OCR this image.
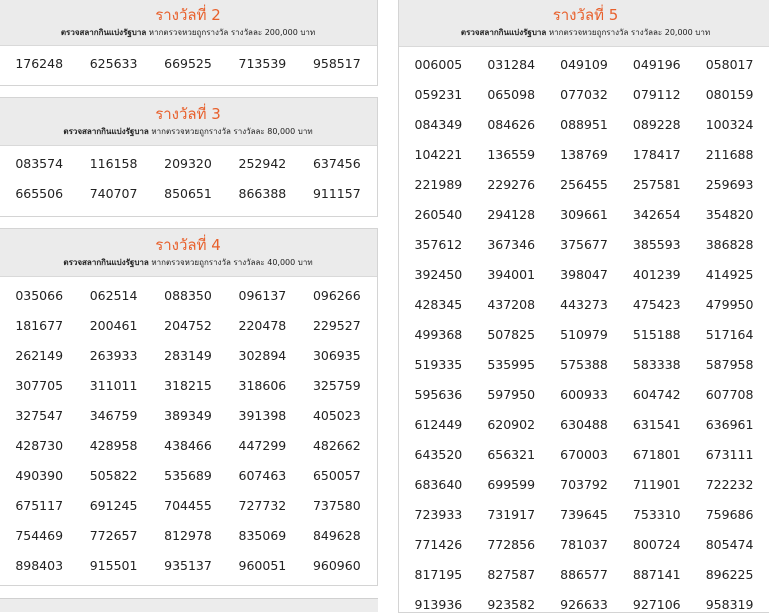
รางวัลที่ 2
ตรวจสลากกินแบ่งรัฐบาล หากตรวจหวยถูกรางวัล รางวัลละ 200,000 บาท
176248	625633	669525	713539	958517
รางวัลที่ 3
ตรวจสลากกินแบ่งรัฐบาล หากตรวจหวยถูกรางวัล รางวัลละ 80,000 บาท
083574	116158	209320	252942	637456
665506	740707	850651	866388	911157
รางวัลที่ 4
ตรวจสลากกินแบ่งรัฐบาล หากตรวจหวยถูกรางวัล รางวัลละ 40,000 บาท
035066	062514	088350	096137	096266
181677	200461	204752	220478	229527
262149	263933	283149	302894	306935
307705	311011	318215	318606	325759
327547	346759	389349	391398	405023
428730	428958	438466	447299	482662
490390	505822	535689	607463	650057
675117	691245	704455	727732	737580
754469	772657	812978	835069	849628
898403	915501	935137	960051	960960
รางวัลที่ 5
ตรวจสลากกินแบ่งรัฐบาล หากตรวจหวยถูกรางวัล รางวัลละ 20,000 บาท
006005	031284	049109	049196	058017
059231	065098	077032	079112	080159
084349	084626	088951	089228	100324
104221	136559	138769	178417	211688
221989	229276	256455	257581	259693
260540	294128	309661	342654	354820
357612	367346	375677	385593	386828
392450	394001	398047	401239	414925
428345	437208	443273	475423	479950
499368	507825	510979	515188	517164
519335	535995	575388	583338	587958
595636	597950	600933	604742	607708
612449	620902	630488	631541	636961
643520	656321	670003	671801	673111
683640	699599	703792	711901	722232
723933	731917	739645	753310	759686
771426	772856	781037	800724	805474
817195	827587	886577	887141	896225
913936	923582	926633	927106	958319
